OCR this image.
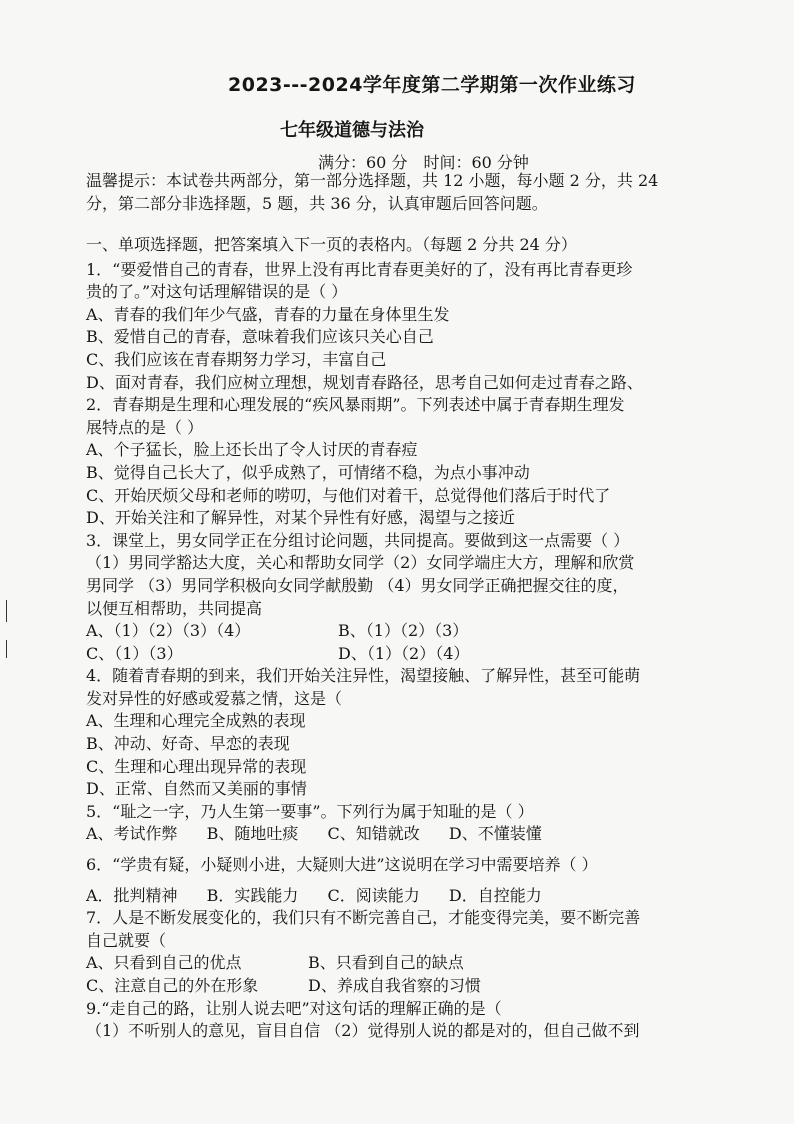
2023---2024学年度第二学期第一次作业练习
七年级道德与法治
满分：60 分　时间：60 分钟
温馨提示：本试卷共两部分，第一部分选择题，共 12 小题，每小题 2 分，共 24
分，第二部分非选择题，5 题，共 36 分，认真审题后回答问题。
一、单项选择题，把答案填入下一页的表格内。（每题 2 分共 24 分）
1．“要爱惜自己的青春，世界上没有再比青春更美好的了，没有再比青春更珍
贵的了。”对这句话理解错误的是（ ）
A、青春的我们年少气盛，青春的力量在身体里生发
B、爱惜自己的青春，意味着我们应该只关心自己
C、我们应该在青春期努力学习，丰富自己
D、面对青春，我们应树立理想，规划青春路径，思考自己如何走过青春之路、
2．青春期是生理和心理发展的“疾风暴雨期”。下列表述中属于青春期生理发
展特点的是（ ）
A、个子猛长，脸上还长出了令人讨厌的青春痘
B、觉得自己长大了，似乎成熟了，可情绪不稳，为点小事冲动
C、开始厌烦父母和老师的唠叨，与他们对着干，总觉得他们落后于时代了
D、开始关注和了解异性，对某个异性有好感，渴望与之接近
3．课堂上，男女同学正在分组讨论问题，共同提高。要做到这一点需要（ ）
（1）男同学豁达大度，关心和帮助女同学（2）女同学端庄大方，理解和欣赏
男同学 （3）男同学积极向女同学献殷勤 （4）男女同学正确把握交往的度，
以便互相帮助，共同提高
A、（1）（2）（3）（4）	B、（1）（2）（3）
C、（1）（3）	D、（1）（2）（4）
4．随着青春期的到来，我们开始关注异性，渴望接触、了解异性，甚至可能萌
发对异性的好感或爱慕之情，这是（
A、生理和心理完全成熟的表现
B、冲动、好奇、早恋的表现
C、生理和心理出现异常的表现
D、正常、自然而又美丽的事情
5．“耻之一字，乃人生第一要事”。下列行为属于知耻的是（ ）
A、考试作弊 B、随地吐痰 C、知错就改 D、不懂装懂
6．“学贵有疑，小疑则小进，大疑则大进”这说明在学习中需要培养（ ）
A．批判精神 B．实践能力 C．阅读能力 D．自控能力
7．人是不断发展变化的，我们只有不断完善自己，才能变得完美，要不断完善
自己就要（
A、只看到自己的优点	B、只看到自己的缺点
C、注意自己的外在形象	D、养成自我省察的习惯
9.“走自己的路，让别人说去吧”对这句话的理解正确的是（
（1）不听别人的意见，盲目自信 （2）觉得别人说的都是对的，但自己做不到
